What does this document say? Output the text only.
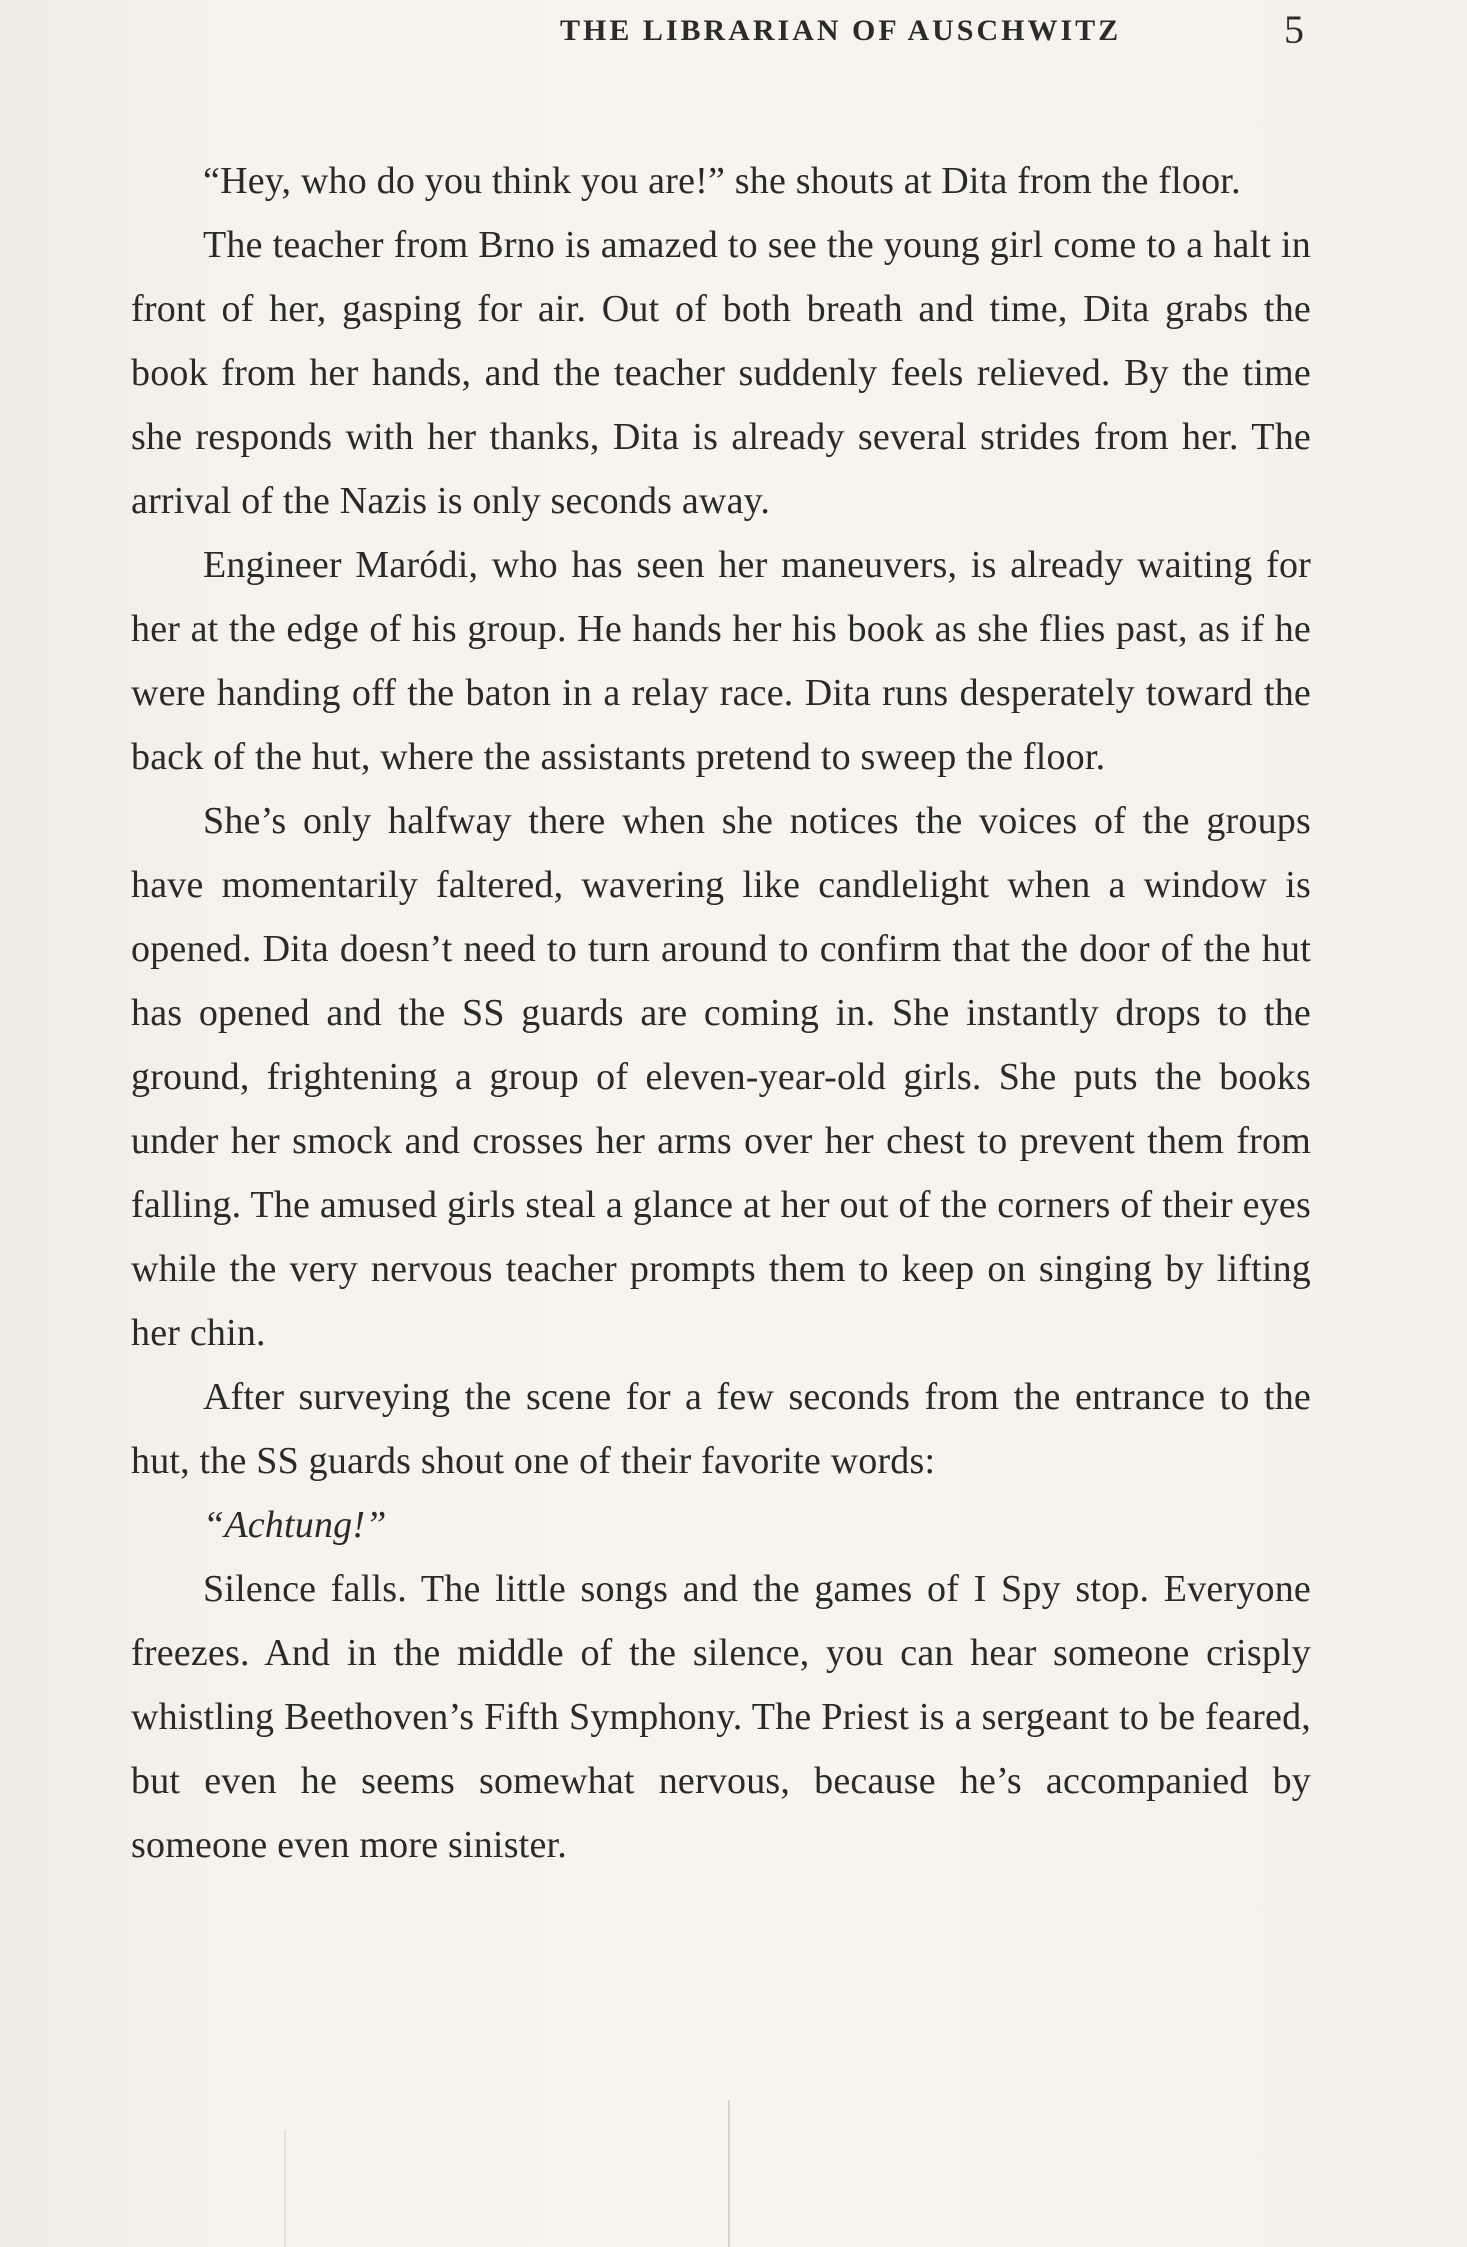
THE LIBRARIAN OF AUSCHWITZ	5

“Hey, who do you think you are!” she shouts at Dita from the floor.

The teacher from Brno is amazed to see the young girl come to a halt in front of her, gasping for air. Out of both breath and time, Dita grabs the book from her hands, and the teacher suddenly feels relieved. By the time she responds with her thanks, Dita is already several strides from her. The arrival of the Nazis is only seconds away.

Engineer Maródi, who has seen her maneuvers, is already waiting for her at the edge of his group. He hands her his book as she flies past, as if he were handing off the baton in a relay race. Dita runs desperately toward the back of the hut, where the assistants pretend to sweep the floor.

She’s only halfway there when she notices the voices of the groups have momentarily faltered, wavering like candlelight when a window is opened. Dita doesn’t need to turn around to confirm that the door of the hut has opened and the SS guards are coming in. She instantly drops to the ground, frightening a group of eleven-year-old girls. She puts the books under her smock and crosses her arms over her chest to prevent them from falling. The amused girls steal a glance at her out of the corners of their eyes while the very nervous teacher prompts them to keep on singing by lifting her chin.

After surveying the scene for a few seconds from the entrance to the hut, the SS guards shout one of their favorite words:

“Achtung!”

Silence falls. The little songs and the games of I Spy stop. Everyone freezes. And in the middle of the silence, you can hear someone crisply whistling Beethoven’s Fifth Symphony. The Priest is a sergeant to be feared, but even he seems somewhat nervous, because he’s accompanied by someone even more sinister.
